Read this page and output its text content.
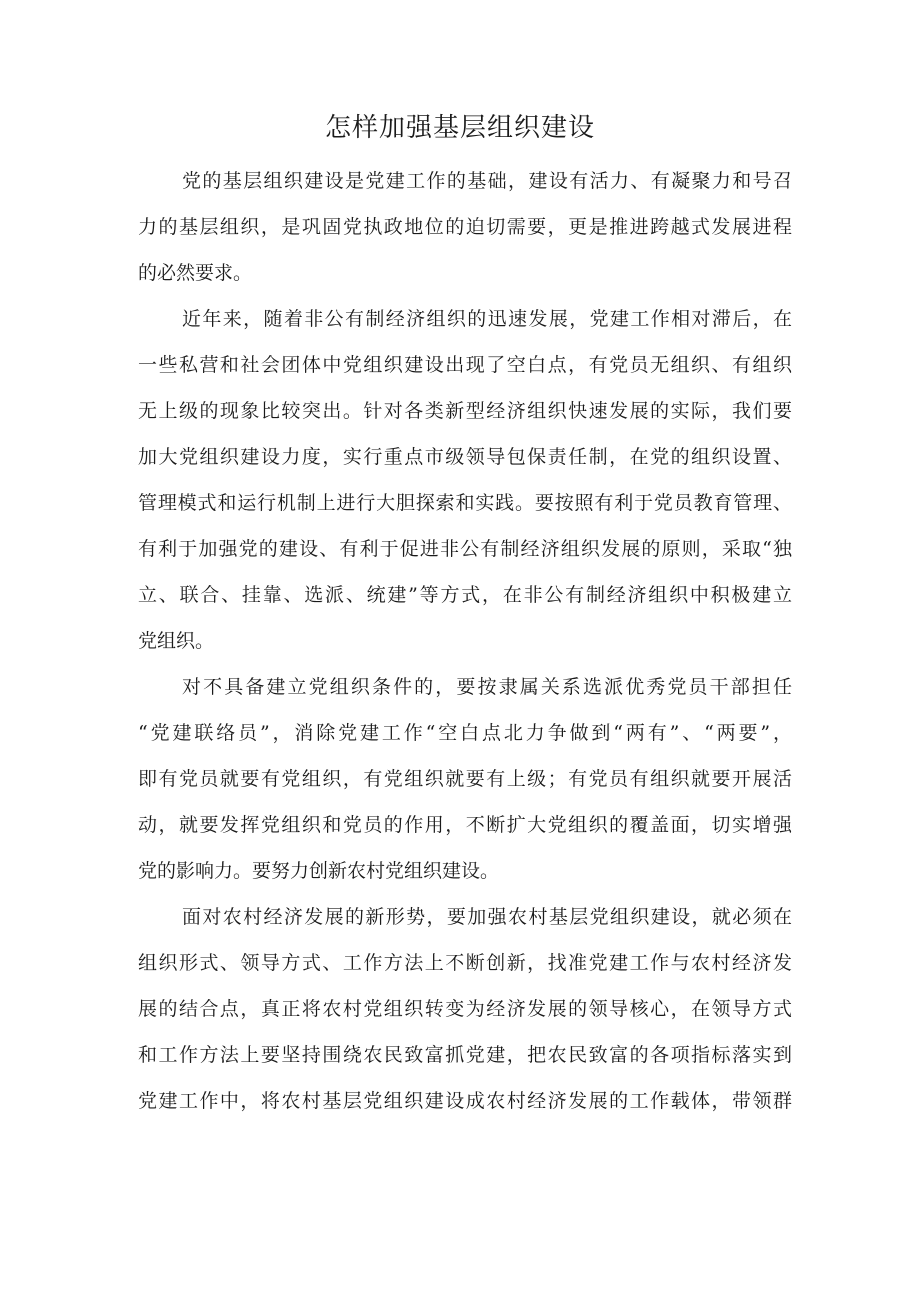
怎样加强基层组织建设
党的基层组织建设是党建工作的基础，建设有活力、有凝聚力和号召
力的基层组织，是巩固党执政地位的迫切需要，更是推进跨越式发展进程
的必然要求。
近年来，随着非公有制经济组织的迅速发展，党建工作相对滞后，在
一些私营和社会团体中党组织建设出现了空白点，有党员无组织、有组织
无上级的现象比较突出。针对各类新型经济组织快速发展的实际，我们要
加大党组织建设力度，实行重点市级领导包保责任制，在党的组织设置、
管理模式和运行机制上进行大胆探索和实践。要按照有利于党员教育管理、
有利于加强党的建设、有利于促进非公有制经济组织发展的原则，采取“独
立、联合、挂靠、选派、统建”等方式，在非公有制经济组织中积极建立
党组织。
对不具备建立党组织条件的，要按隶属关系选派优秀党员干部担任
“党建联络员”，消除党建工作“空白点北力争做到“两有”、“两要”，
即有党员就要有党组织，有党组织就要有上级；有党员有组织就要开展活
动，就要发挥党组织和党员的作用，不断扩大党组织的覆盖面，切实增强
党的影响力。要努力创新农村党组织建设。
面对农村经济发展的新形势，要加强农村基层党组织建设，就必须在
组织形式、领导方式、工作方法上不断创新，找准党建工作与农村经济发
展的结合点，真正将农村党组织转变为经济发展的领导核心，在领导方式
和工作方法上要坚持围绕农民致富抓党建，把农民致富的各项指标落实到
党建工作中，将农村基层党组织建设成农村经济发展的工作载体，带领群
